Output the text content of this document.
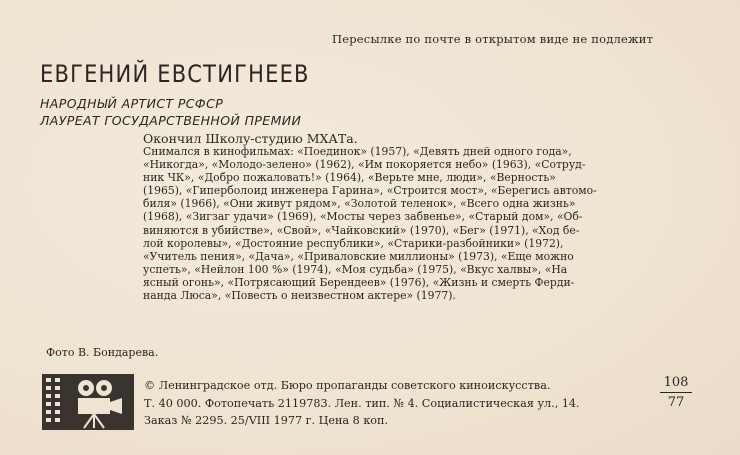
Пересылке по почте в открытом виде не подлежит
ЕВГЕНИЙ ЕВСТИГНЕЕВ
НАРОДНЫЙ АРТИСТ РСФСР
ЛАУРЕАТ ГОСУДАРСТВЕННОЙ ПРЕМИИ
Окончил Школу-студию МХАТа.
Снимался в кинофильмах: «Поединок» (1957), «Девять дней одного года»,
«Никогда», «Молодо-зелено» (1962), «Им покоряется небо» (1963), «Сотруд-
ник ЧК», «Добро пожаловать!» (1964), «Верьте мне, люди», «Верность»
(1965), «Гиперболоид инженера Гарина», «Строится мост», «Берегись автомо-
биля» (1966), «Они живут рядом», «Золотой теленок», «Всего одна жизнь»
(1968), «Зигзаг удачи» (1969), «Мосты через забвенье», «Старый дом», «Об-
виняются в убийстве», «Свой», «Чайковский» (1970), «Бег» (1971), «Ход бе-
лой королевы», «Достояние республики», «Старики-разбойники» (1972),
«Учитель пения», «Дача», «Приваловские миллионы» (1973), «Еще можно
успеть», «Нейлон 100 %» (1974), «Моя судьба» (1975), «Вкус халвы», «На
ясный огонь», «Потрясающий Берендеев» (1976), «Жизнь и смерть Ферди-
нанда Люса», «Повесть о неизвестном актере» (1977).
Фото В. Бондарева.
© Ленинградское отд. Бюро пропаганды советского киноискусства.
Т. 40 000. Фотопечать 2119783. Лен. тип. № 4. Социалистическая ул., 14.
Заказ № 2295. 25/VIII 1977 г. Цена 8 коп.
108
77
